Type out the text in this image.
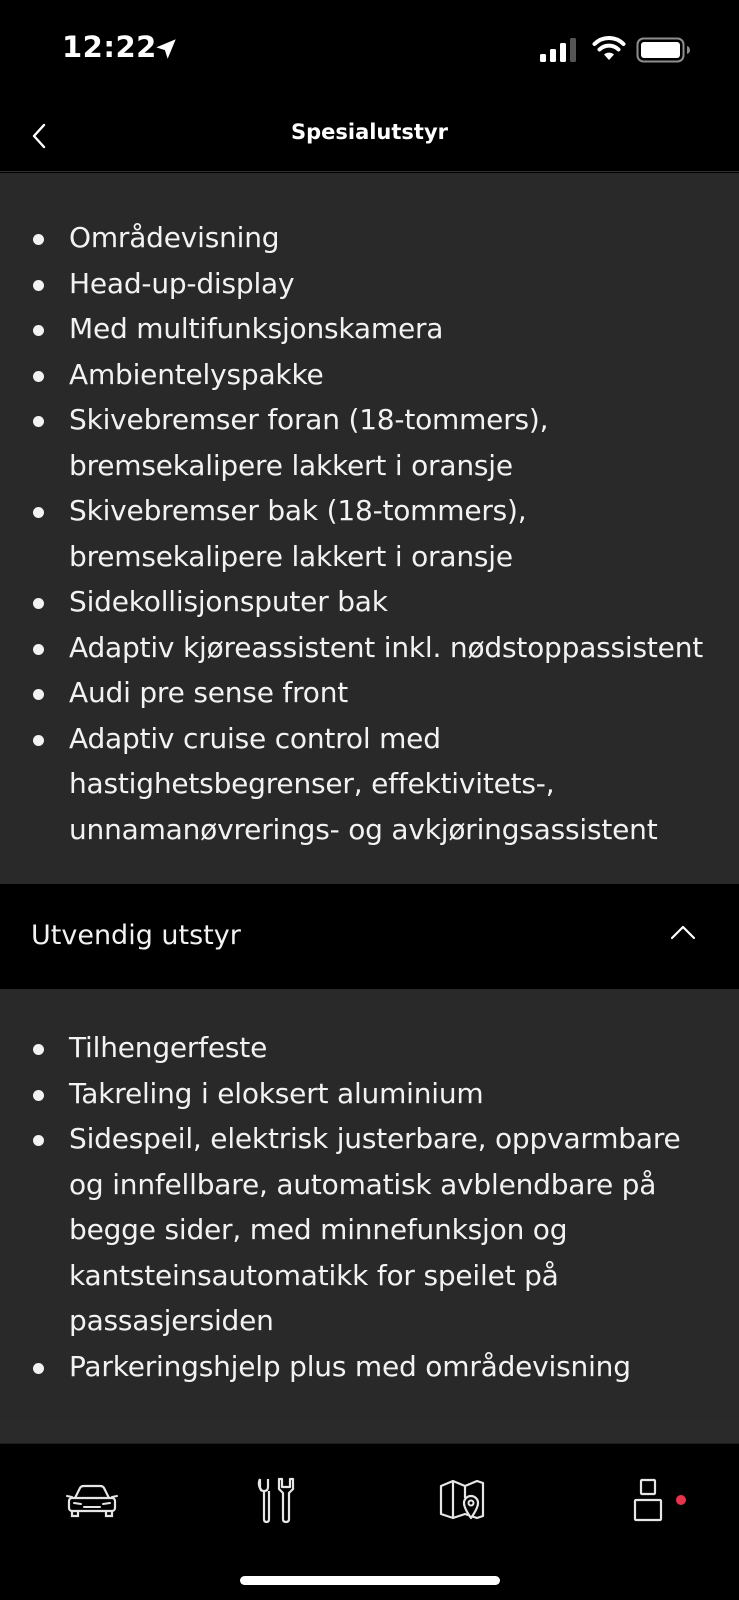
12:22
Spesialutstyr
Områdevisning
Head-up-display
Med multifunksjonskamera
Ambientelyspakke
Skivebremser foran (18-tommers), bremsekalipere lakkert i oransje
Skivebremser bak (18-tommers), bremsekalipere lakkert i oransje
Sidekollisjonsputer bak
Adaptiv kjøreassistent inkl. nødstoppassistent
Audi pre sense front
Adaptiv cruise control med hastighetsbegrenser, effektivitets-, unnamanøvrerings- og avkjøringsassistent
Utvendig utstyr
Tilhengerfeste
Takreling i eloksert aluminium
Sidespeil, elektrisk justerbare, oppvarmbare og innfellbare, automatisk avblendbare på begge sider, med minnefunksjon og kantsteinsautomatikk for speilet på passasjersiden
Parkeringshjelp plus med områdevisning
